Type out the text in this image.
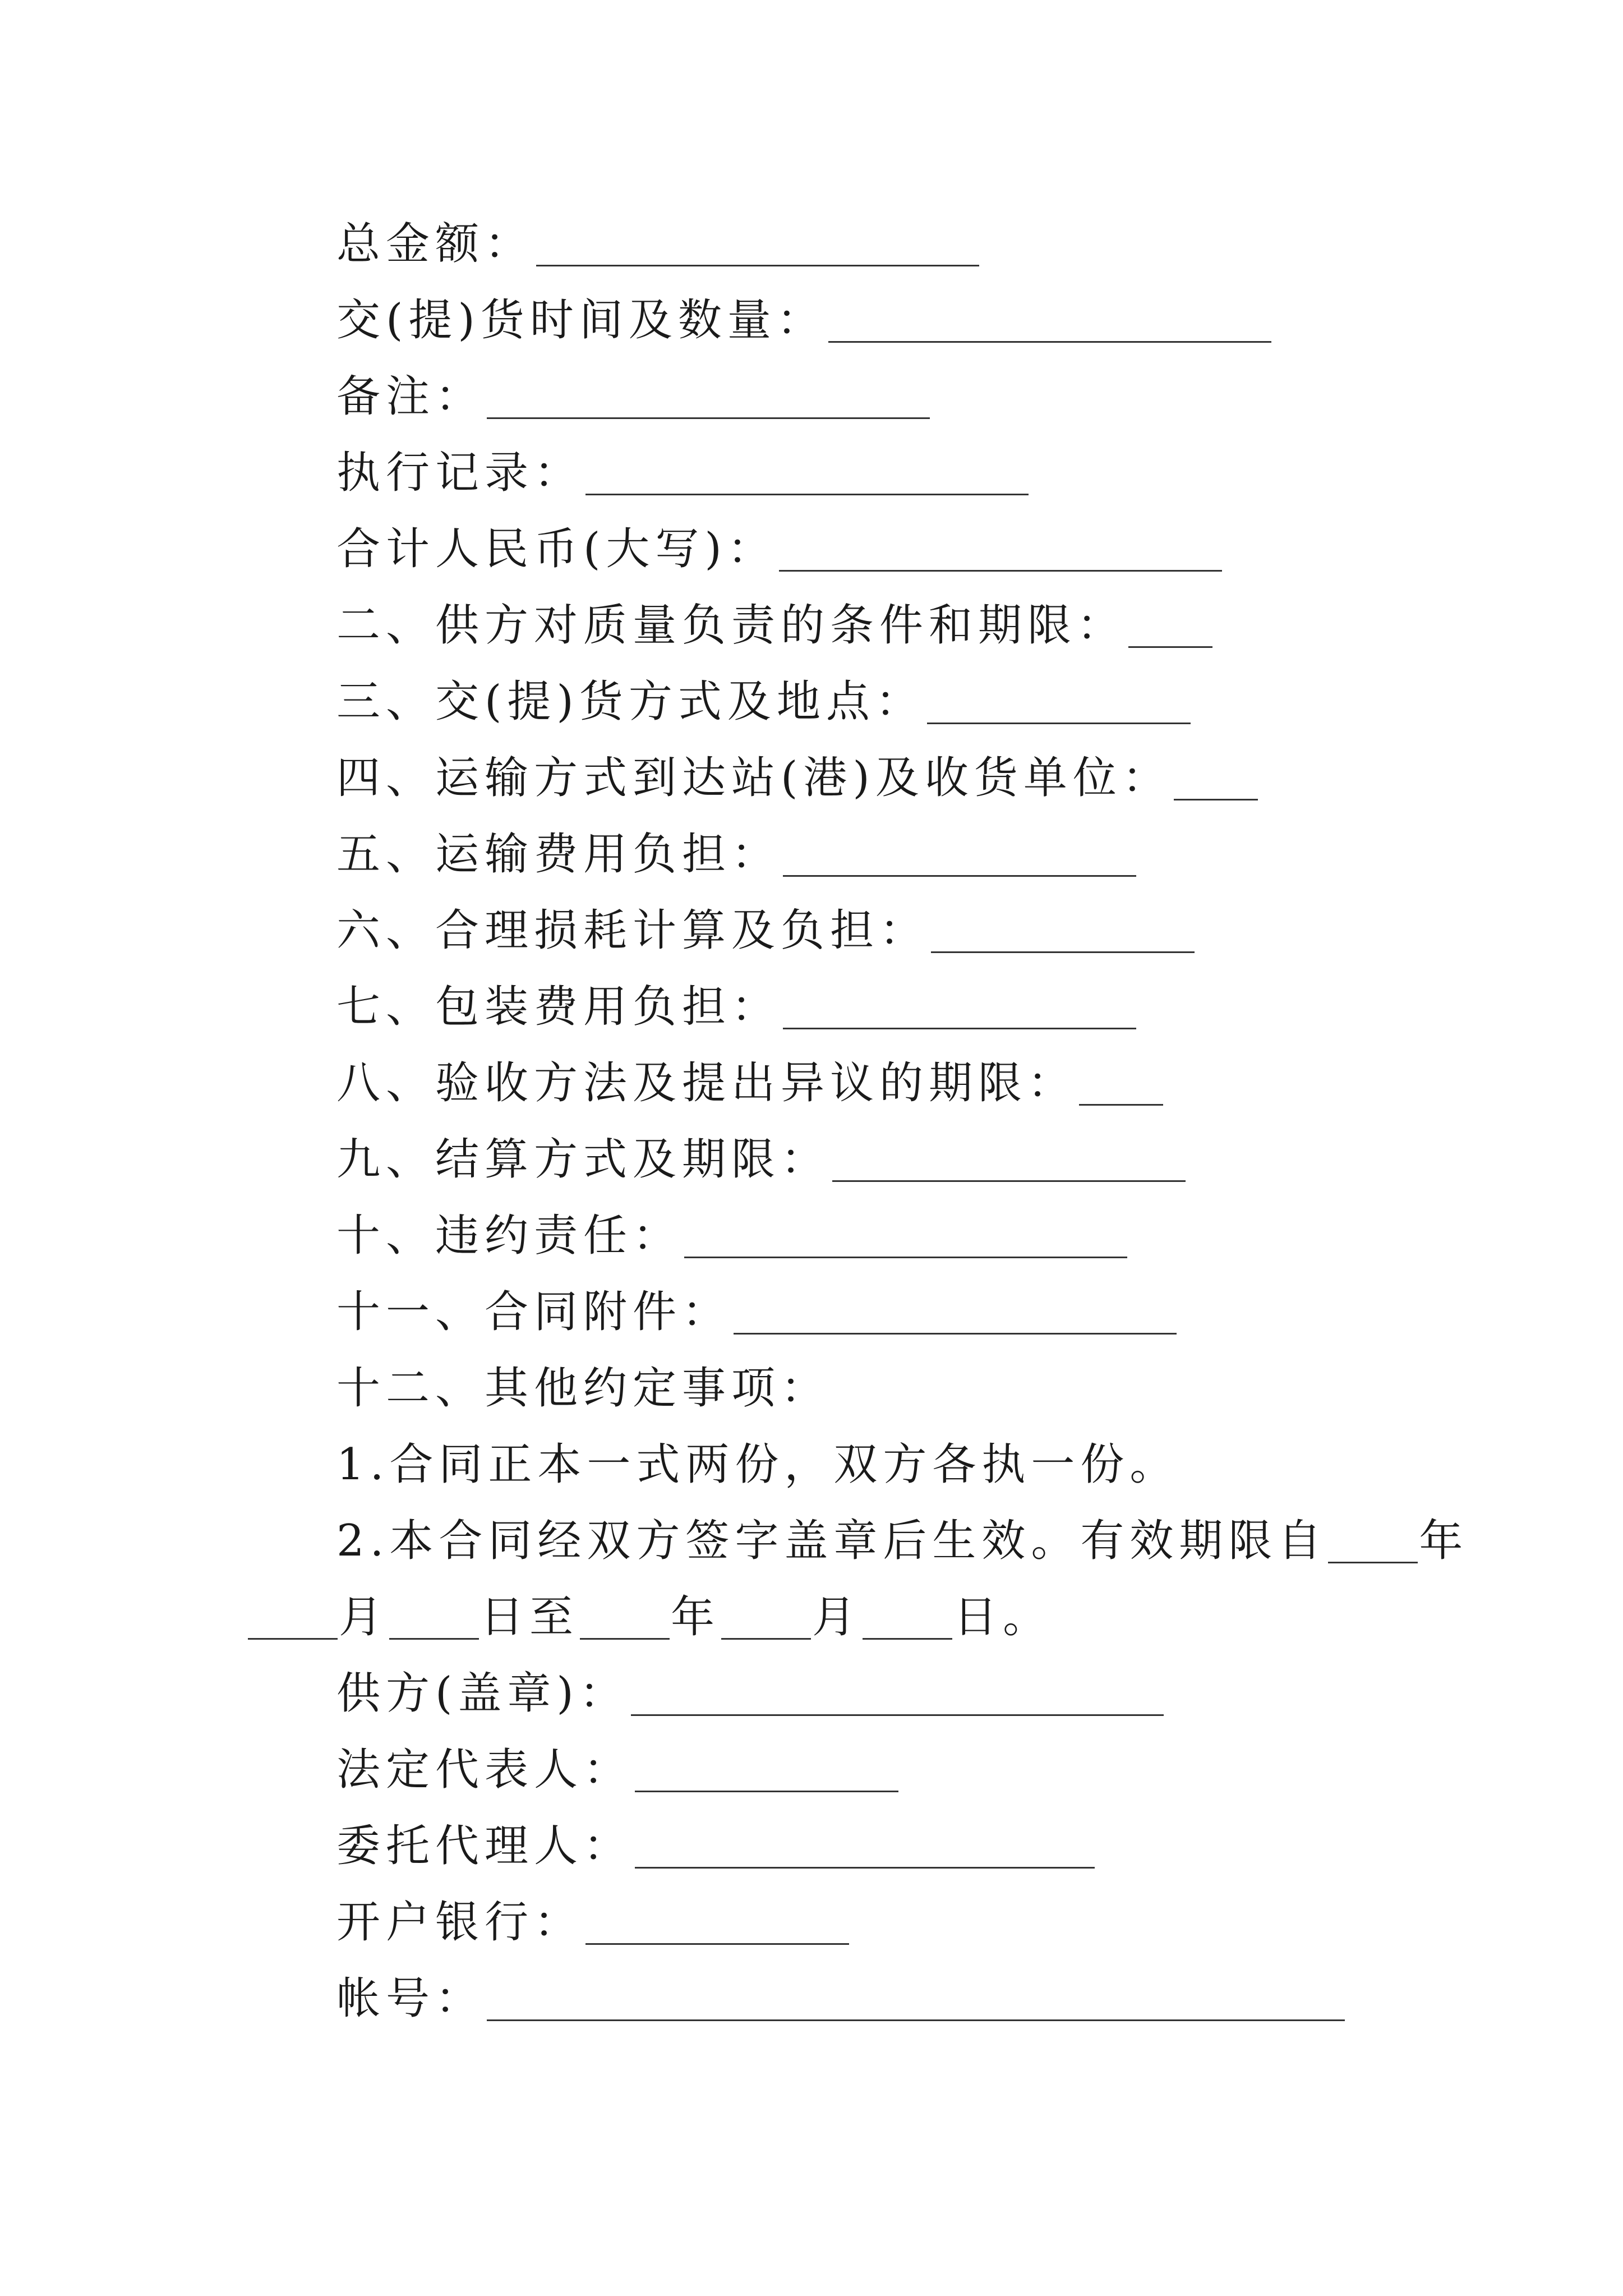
总金额：
交(提)货时间及数量：
备注：
执行记录：
合计人民币(大写)：
二、供方对质量负责的条件和期限：
三、交(提)货方式及地点：
四、运输方式到达站(港)及收货单位：
五、运输费用负担：
六、合理损耗计算及负担：
七、包装费用负担：
八、验收方法及提出异议的期限：
九、结算方式及期限：
十、违约责任：
十一、合同附件：
十二、其他约定事项：
1.合同正本一式两份，双方各执一份。
2.本合同经双方签字盖章后生效。有效期限自 年
月 日至 年 月 日。
供方(盖章)：
法定代表人：
委托代理人：
开户银行：
帐号：
